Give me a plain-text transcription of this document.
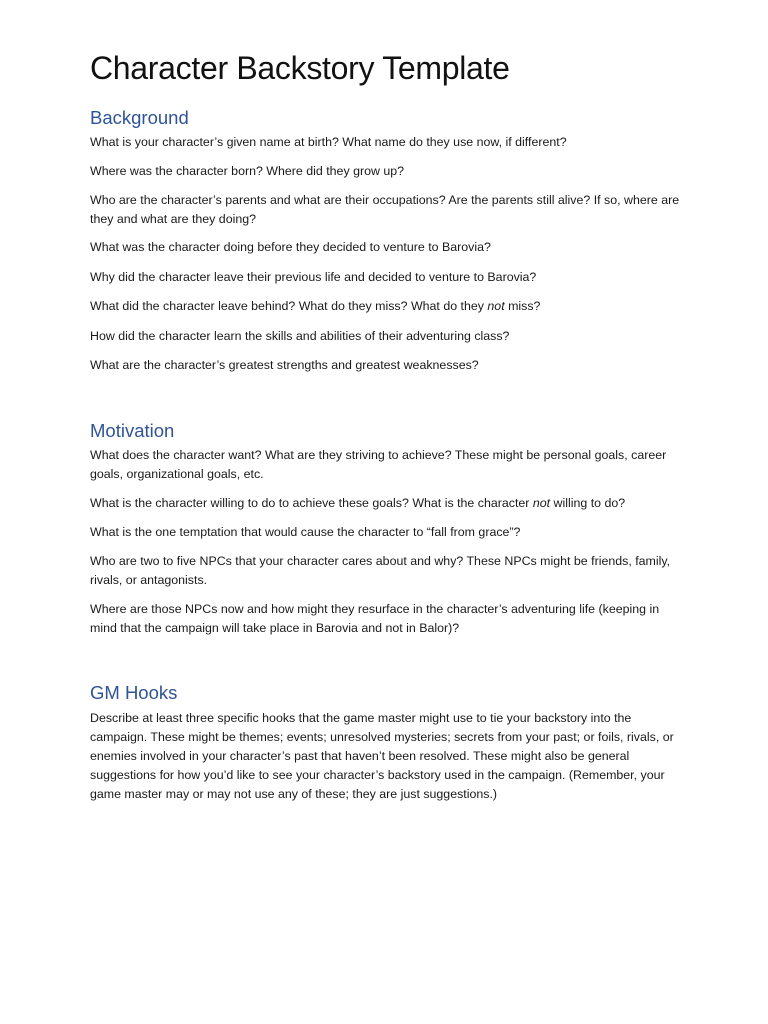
Character Backstory Template
Background

What is your character’s given name at birth? What name do they use now, if different?

Where was the character born? Where did they grow up?

Who are the character’s parents and what are their occupations? Are the parents still alive? If so, where are they and what are they doing?

What was the character doing before they decided to venture to Barovia?

Why did the character leave their previous life and decided to venture to Barovia?

What did the character leave behind? What do they miss? What do they not miss?

How did the character learn the skills and abilities of their adventuring class?

What are the character’s greatest strengths and greatest weaknesses?

Motivation

What does the character want? What are they striving to achieve? These might be personal goals, career goals, organizational goals, etc.

What is the character willing to do to achieve these goals? What is the character not willing to do?

What is the one temptation that would cause the character to “fall from grace”?

Who are two to five NPCs that your character cares about and why? These NPCs might be friends, family, rivals, or antagonists.

Where are those NPCs now and how might they resurface in the character’s adventuring life (keeping in mind that the campaign will take place in Barovia and not in Balor)?

GM Hooks

Describe at least three specific hooks that the game master might use to tie your backstory into the campaign. These might be themes; events; unresolved mysteries; secrets from your past; or foils, rivals, or enemies involved in your character’s past that haven’t been resolved. These might also be general suggestions for how you’d like to see your character’s backstory used in the campaign. (Remember, your game master may or may not use any of these; they are just suggestions.)
